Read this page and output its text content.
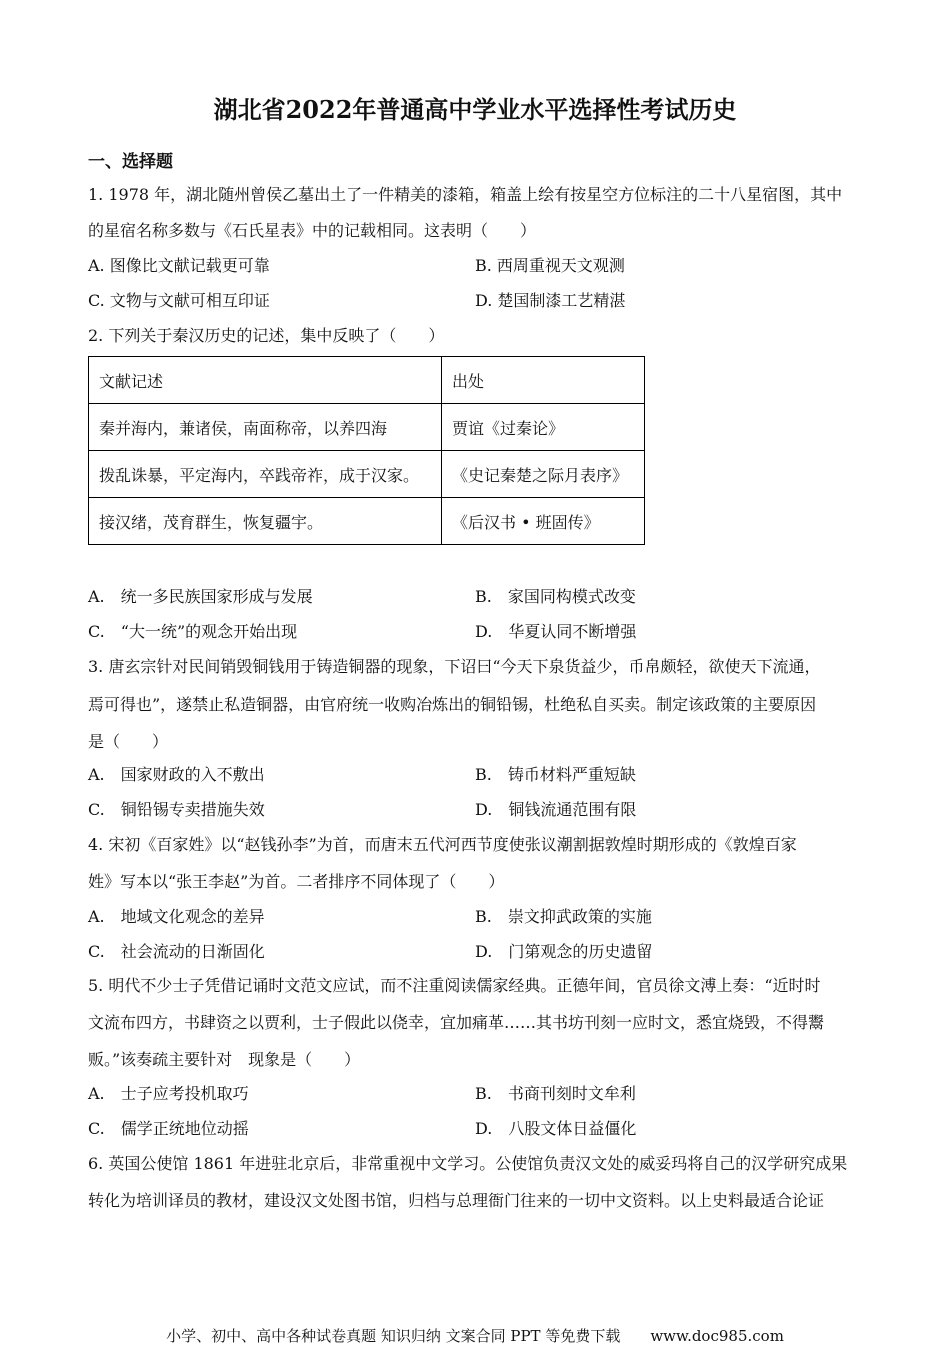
湖北省2022年普通高中学业水平选择性考试历史
一、选择题
1. 1978 年，湖北随州曾侯乙墓出土了一件精美的漆箱，箱盖上绘有按星空方位标注的二十八星宿图，其中
的星宿名称多数与《石氏星表》中的记载相同。这表明（　　）
A. 图像比文献记载更可靠	B. 西周重视天文观测
C. 文物与文献可相互印证	D. 楚国制漆工艺精湛
2. 下列关于秦汉历史的记述，集中反映了（　　）
文献记述	出处
秦并海内，兼诸侯，南面称帝，以养四海	贾谊《过秦论》
拨乱诛暴，平定海内，卒践帝祚，成于汉家。	《史记秦楚之际月表序》
接汉绪，茂育群生，恢复疆宇。	《后汉书 • 班固传》
A.　统一多民族国家形成与发展	B.　家国同构模式改变
C.　“大一统”的观念开始出现	D.　华夏认同不断增强
3. 唐玄宗针对民间销毁铜钱用于铸造铜器的现象，下诏曰“今天下泉货益少，币帛颇轻，欲使天下流通，
焉可得也”，遂禁止私造铜器，由官府统一收购冶炼出的铜铅锡，杜绝私自买卖。制定该政策的主要原因
是（　　）
A.　国家财政的入不敷出	B.　铸币材料严重短缺
C.　铜铅锡专卖措施失效	D.　铜钱流通范围有限
4. 宋初《百家姓》以“赵钱孙李”为首，而唐末五代河西节度使张议潮割据敦煌时期形成的《敦煌百家
姓》写本以“张王李赵”为首。二者排序不同体现了（　　）
A.　地域文化观念的差异	B.　崇文抑武政策的实施
C.　社会流动的日渐固化	D.　门第观念的历史遗留
5. 明代不少士子凭借记诵时文范文应试，而不注重阅读儒家经典。正德年间，官员徐文溥上奏：“近时时
文流布四方，书肆资之以贾利，士子假此以侥幸，宜加痛革……其书坊刊刻一应时文，悉宜烧毁，不得鬻
贩。”该奏疏主要针对　现象是（　　）
A.　士子应考投机取巧	B.　书商刊刻时文牟利
C.　儒学正统地位动摇	D.　八股文体日益僵化
6. 英国公使馆 1861 年进驻北京后，非常重视中文学习。公使馆负责汉文处的威妥玛将自己的汉学研究成果
转化为培训译员的教材，建设汉文处图书馆，归档与总理衙门往来的一切中文资料。以上史料最适合论证
小学、初中、高中各种试卷真题 知识归纳 文案合同 PPT 等免费下载　　www.doc985.com
